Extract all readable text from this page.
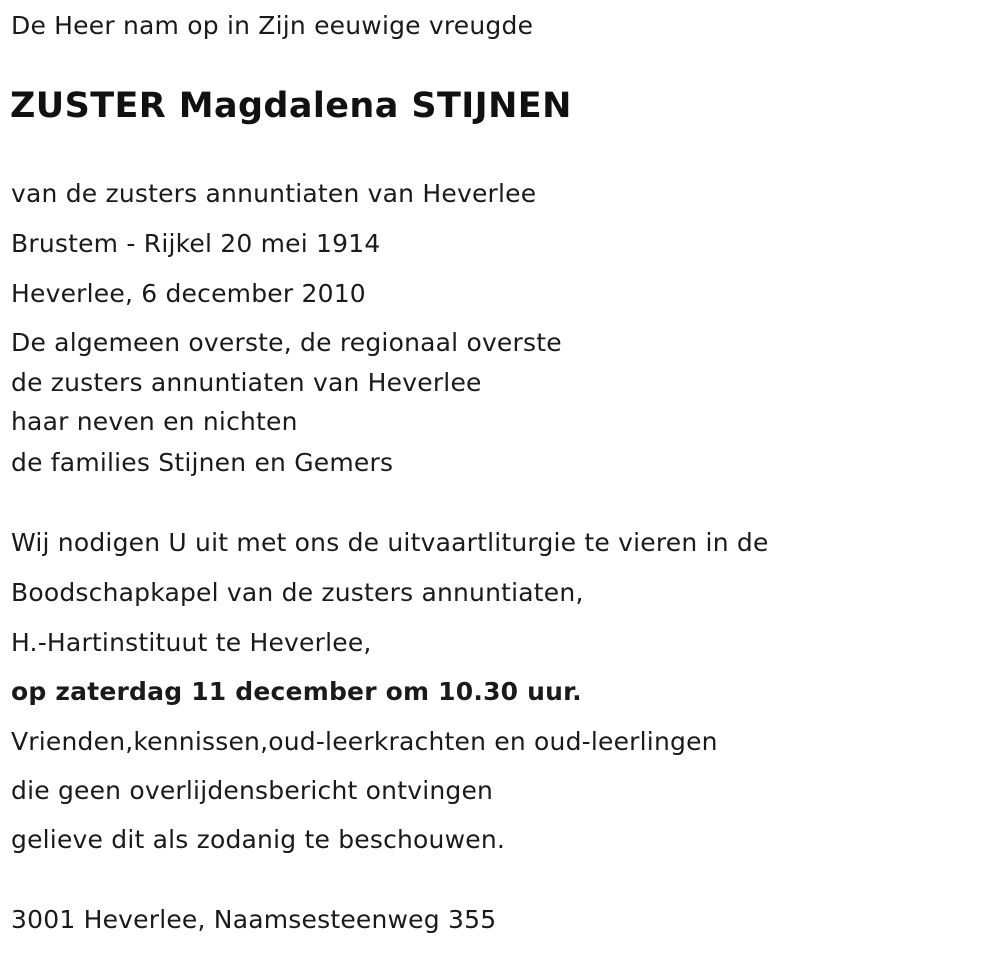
De Heer nam op in Zijn eeuwige vreugde
ZUSTER Magdalena STIJNEN
van de zusters annuntiaten van Heverlee
Brustem - Rijkel 20 mei 1914
Heverlee, 6 december 2010
De algemeen overste, de regionaal overste
de zusters annuntiaten van Heverlee
haar neven en nichten
de families Stijnen en Gemers
Wij nodigen U uit met ons de uitvaartliturgie te vieren in de
Boodschapkapel van de zusters annuntiaten,
H.-Hartinstituut te Heverlee,
op zaterdag 11 december om 10.30 uur.
Vrienden,kennissen,oud-leerkrachten en oud-leerlingen
die geen overlijdensbericht ontvingen
gelieve dit als zodanig te beschouwen.
3001 Heverlee, Naamsesteenweg 355
